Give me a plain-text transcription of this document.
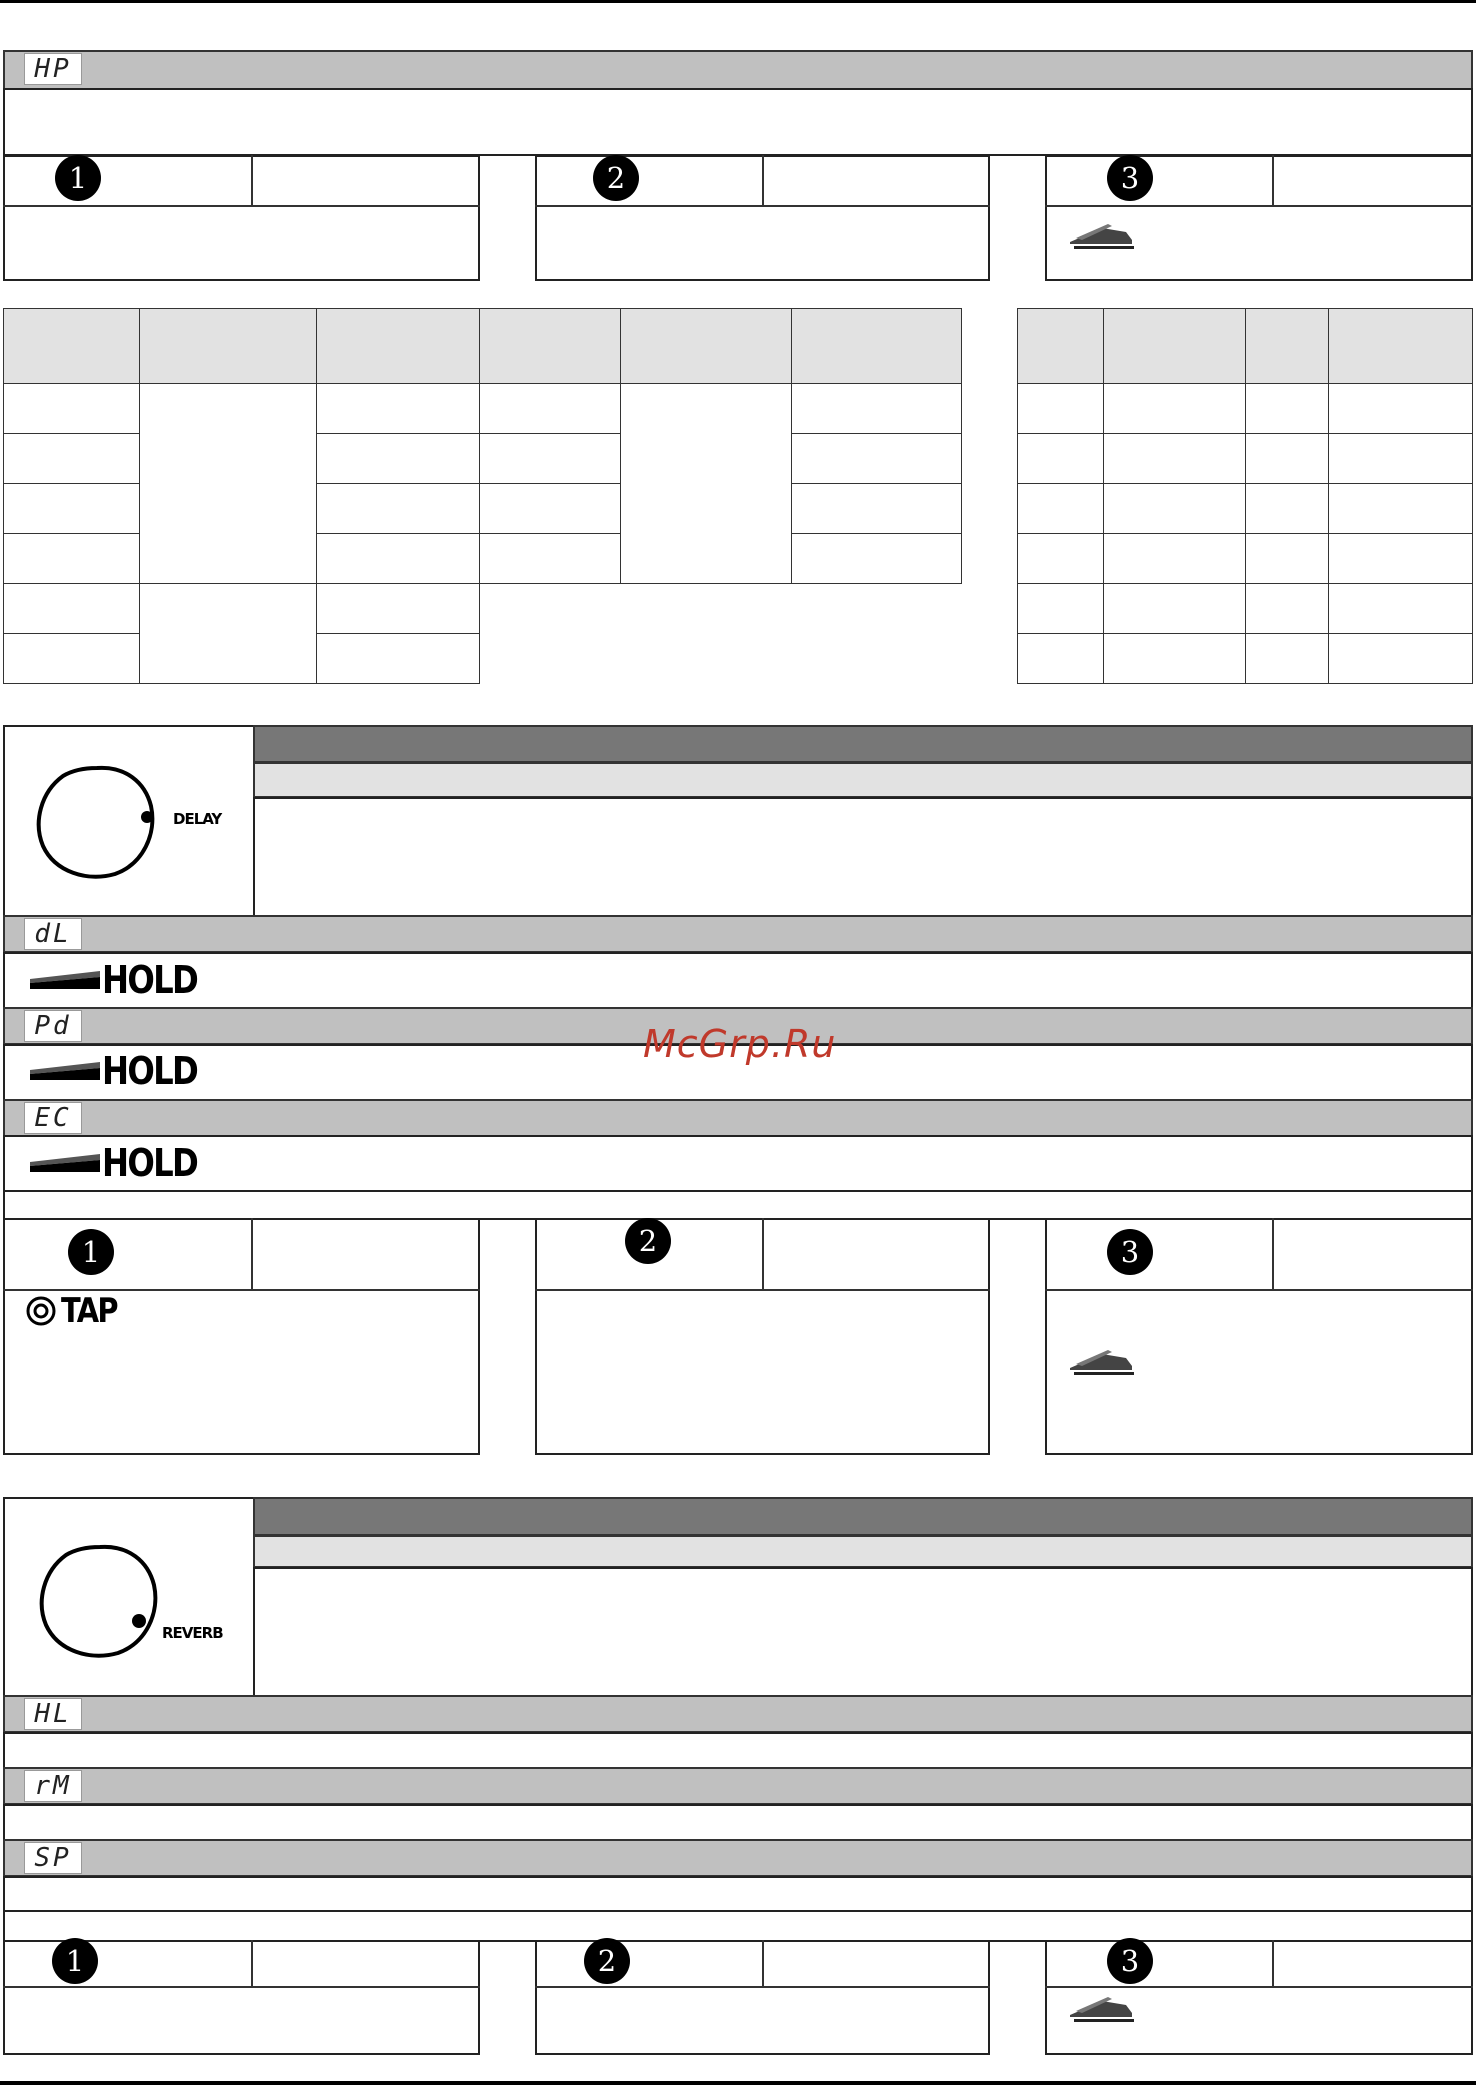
HP
1	2	3
DELAY
dL
HOLD
Pd
HOLD
EC
HOLD
1
TAP
2	3
REVERB
HL
rM
SP
1	2	3
McGrp.Ru
